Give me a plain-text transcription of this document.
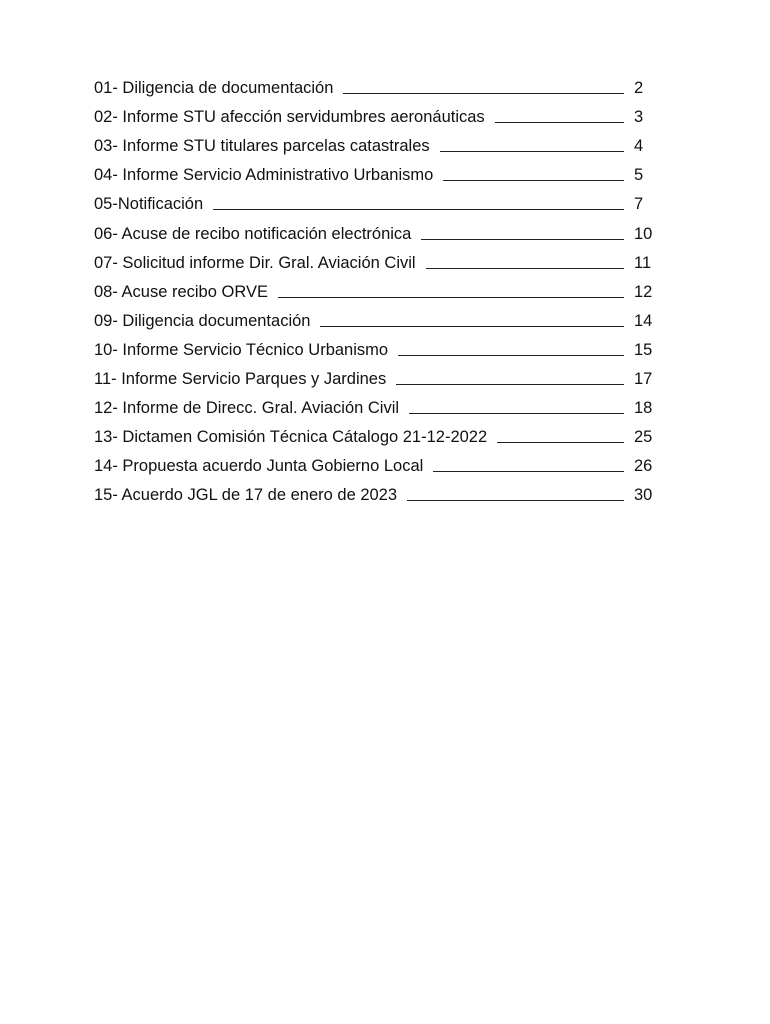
01- Diligencia de documentación	2
02- Informe STU afección servidumbres aeronáuticas	3
03- Informe STU titulares parcelas catastrales	4
04- Informe Servicio Administrativo Urbanismo	5
05-Notificación	7
06- Acuse de recibo notificación electrónica	10
07- Solicitud informe Dir. Gral. Aviación Civil	11
08- Acuse recibo ORVE	12
09- Diligencia documentación	14
10- Informe Servicio Técnico Urbanismo	15
11- Informe Servicio Parques y Jardines	17
12- Informe de Direcc. Gral. Aviación Civil	18
13- Dictamen Comisión Técnica Cátalogo 21-12-2022	25
14- Propuesta acuerdo Junta Gobierno Local	26
15- Acuerdo JGL de 17 de enero de 2023	30
